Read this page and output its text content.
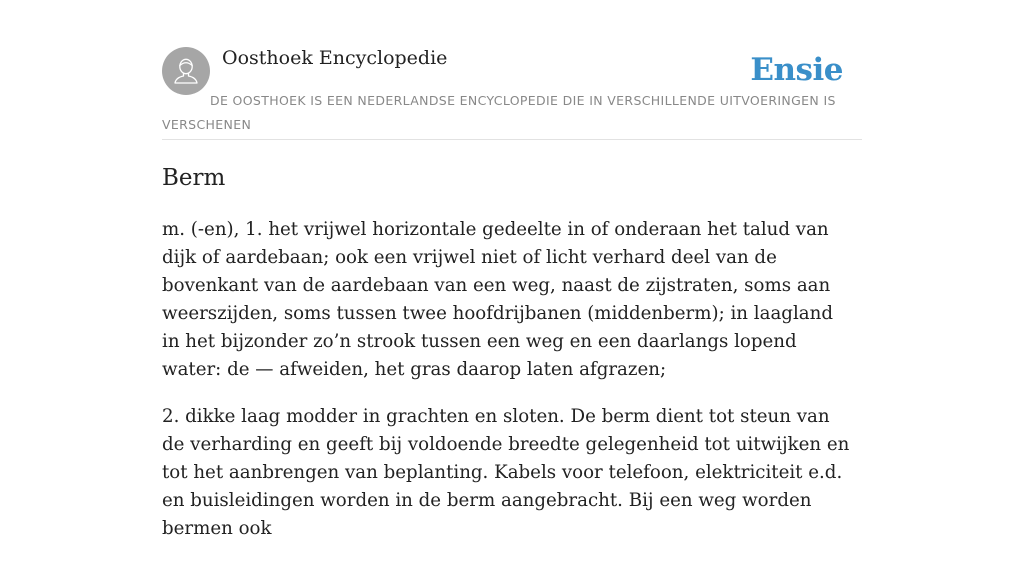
Oosthoek Encyclopedie	Ensie
DE OOSTHOEK IS EEN NEDERLANDSE ENCYCLOPEDIE DIE IN VERSCHILLENDE UITVOERINGEN IS VERSCHENEN
Berm

m. (-en), 1. het vrijwel horizontale gedeelte in of onderaan het talud van dijk of aardebaan; ook een vrijwel niet of licht verhard deel van de bovenkant van de aardebaan van een weg, naast de zijstraten, soms aan weerszijden, soms tussen twee hoofdrijbanen (middenberm); in laagland in het bijzonder zo’n strook tussen een weg en een daarlangs lopend water: de — afweiden, het gras daarop laten afgrazen;

2. dikke laag modder in grachten en sloten. De berm dient tot steun van de verharding en geeft bij voldoende breedte gelegenheid tot uitwijken en tot het aanbrengen van beplanting. Kabels voor telefoon, elektriciteit e.d. en buisleidingen worden in de berm aangebracht. Bij een weg worden bermen ook
